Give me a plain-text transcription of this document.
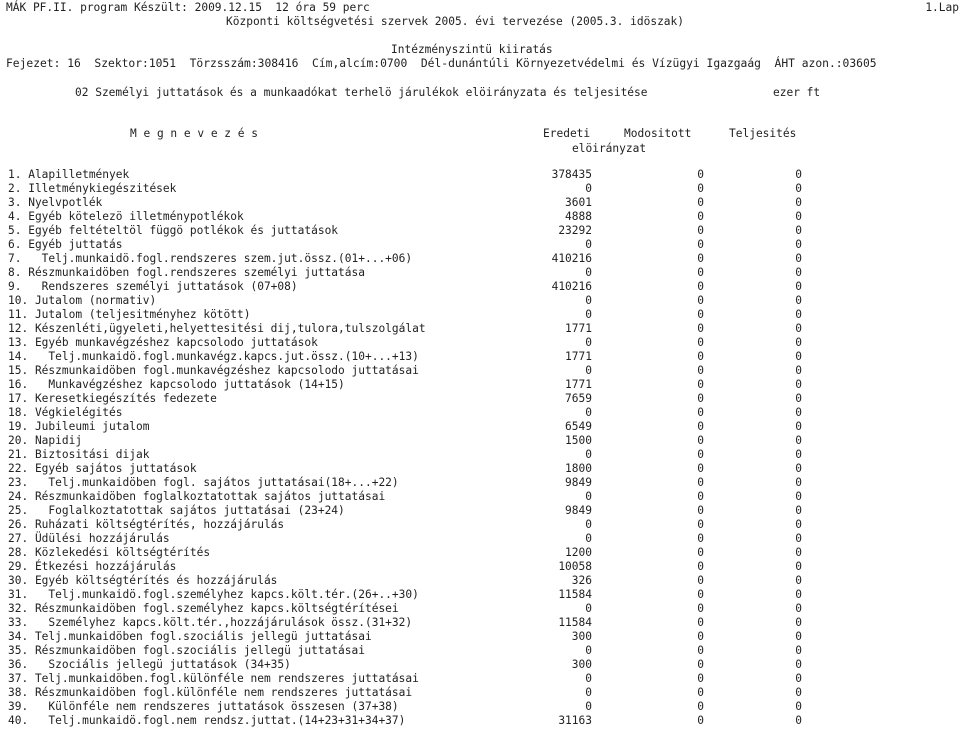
MÁK PF.II. program Készült: 2009.12.15  12 óra 59 perc	1.Lap
Központi költségvetési szervek 2005. évi tervezése (2005.3. idöszak)
Intézményszintü kiiratás
Fejezet: 16  Szektor:1051  Törzsszám:308416  Cím,alcím:0700  Dél-dunántúli Környezetvédelmi és Vízügyi Igazgaág  ÁHT azon.:03605
02 Személyi juttatások és a munkaadókat terhelö járulékok elöirányzata és teljesitése	ezer ft
M e g n e v e z é s	Eredeti	Modositott	Teljesités
elöirányzat
1. Alapilletmények	378435	0	0
2. Illetménykiegészitések	0	0	0
3. Nyelvpotlék	3601	0	0
4. Egyéb kötelezö illetménypotlékok	4888	0	0
5. Egyéb feltételtöl függö potlékok és juttatások	23292	0	0
6. Egyéb juttatás	0	0	0
7.   Telj.munkaidö.fogl.rendszeres szem.jut.össz.(01+...+06)	410216	0	0
8. Részmunkaidöben fogl.rendszeres személyi juttatása	0	0	0
9.   Rendszeres személyi juttatások (07+08)	410216	0	0
10. Jutalom (normativ)	0	0	0
11. Jutalom (teljesitményhez kötött)	0	0	0
12. Készenléti,ügyeleti,helyettesitési dij,tulora,tulszolgálat	1771	0	0
13. Egyéb munkavégzéshez kapcsolodo juttatások	0	0	0
14.   Telj.munkaidö.fogl.munkavégz.kapcs.jut.össz.(10+...+13)	1771	0	0
15. Részmunkaidöben fogl.munkavégzéshez kapcsolodo juttatásai	0	0	0
16.   Munkavégzéshez kapcsolodo juttatások (14+15)	1771	0	0
17. Keresetkiegészítés fedezete	7659	0	0
18. Végkielégités	0	0	0
19. Jubileumi jutalom	6549	0	0
20. Napidij	1500	0	0
21. Biztositási dijak	0	0	0
22. Egyéb sajátos juttatások	1800	0	0
23.   Telj.munkaidöben fogl. sajátos juttatásai(18+...+22)	9849	0	0
24. Részmunkaidöben foglalkoztatottak sajátos juttatásai	0	0	0
25.   Foglalkoztatottak sajátos juttatásai (23+24)	9849	0	0
26. Ruházati költségtérítés, hozzájárulás	0	0	0
27. Üdülési hozzájárulás	0	0	0
28. Közlekedési költségtérítés	1200	0	0
29. Étkezési hozzájárulás	10058	0	0
30. Egyéb költségtérítés és hozzájárulás	326	0	0
31.   Telj.munkaidö.fogl.személyhez kapcs.költ.tér.(26+..+30)	11584	0	0
32. Részmunkaidöben fogl.személyhez kapcs.költségtérítései	0	0	0
33.   Személyhez kapcs.költ.tér.,hozzájárulások össz.(31+32)	11584	0	0
34. Telj.munkaidöben fogl.szociális jellegü juttatásai	300	0	0
35. Részmunkaidöben fogl.szociális jellegü juttatásai	0	0	0
36.   Szociális jellegü juttatások (34+35)	300	0	0
37. Telj.munkaidöben.fogl.különféle nem rendszeres juttatásai	0	0	0
38. Részmunkaidöben fogl.különféle nem rendszeres juttatásai	0	0	0
39.   Különféle nem rendszeres juttatások összesen (37+38)	0	0	0
40.   Telj.munkaidö.fogl.nem rendsz.juttat.(14+23+31+34+37)	31163	0	0
